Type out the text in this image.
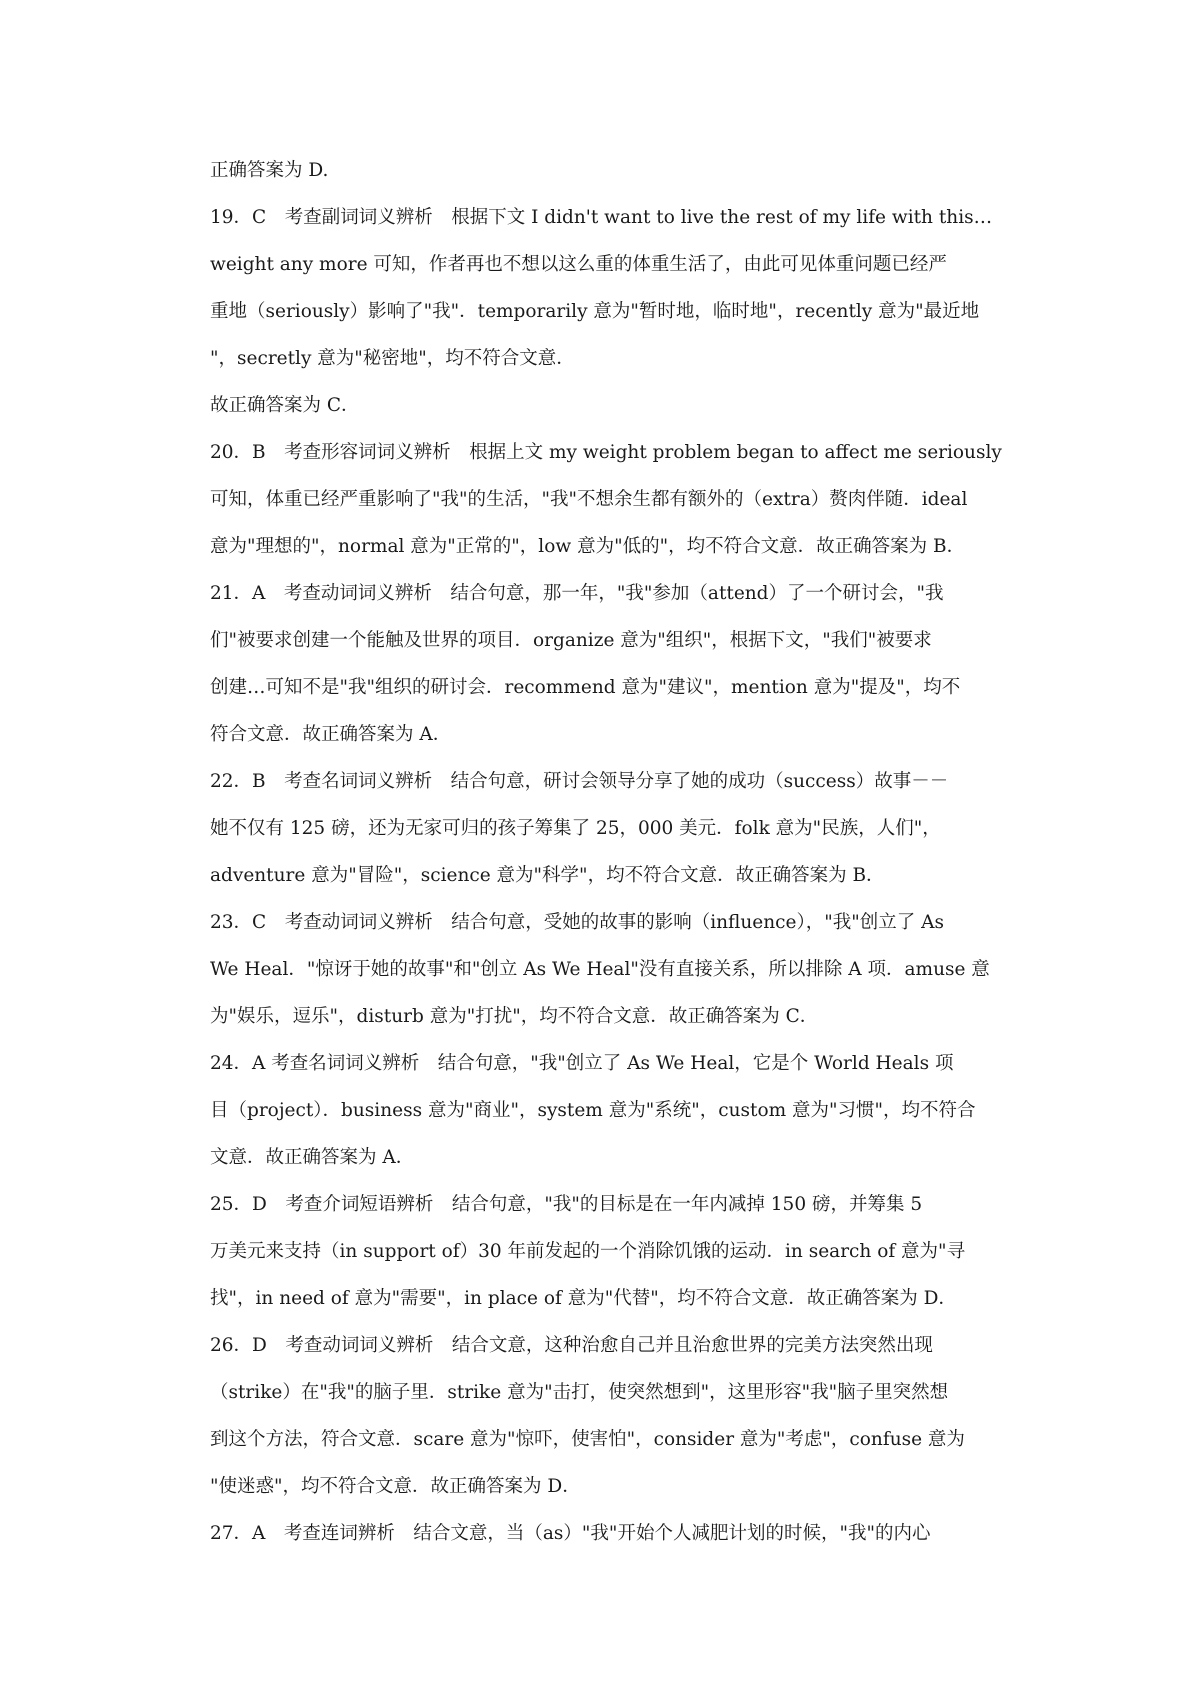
正确答案为 D.
19．C　考查副词词义辨析　根据下文 I didn't want to live the rest of my life with this…
weight any more 可知，作者再也不想以这么重的体重生活了，由此可见体重问题已经严
重地（seriously）影响了"我"．temporarily 意为"暂时地，临时地"，recently 意为"最近地
"，secretly 意为"秘密地"，均不符合文意．
故正确答案为 C．
20．B　考查形容词词义辨析　根据上文 my weight problem began to affect me seriously
可知，体重已经严重影响了"我"的生活，"我"不想余生都有额外的（extra）赘肉伴随．ideal
意为"理想的"，normal 意为"正常的"，low 意为"低的"，均不符合文意．故正确答案为 B．
21．A　考查动词词义辨析　结合句意，那一年，"我"参加（attend）了一个研讨会，"我
们"被要求创建一个能触及世界的项目．organize 意为"组织"，根据下文，"我们"被要求
创建…可知不是"我"组织的研讨会．recommend 意为"建议"，mention 意为"提及"，均不
符合文意．故正确答案为 A．
22．B　考查名词词义辨析　结合句意，研讨会领导分享了她的成功（success）故事－－
她不仅有 125 磅，还为无家可归的孩子筹集了 25，000 美元．folk 意为"民族，人们"，
adventure 意为"冒险"，science 意为"科学"，均不符合文意．故正确答案为 B．
23．C　考查动词词义辨析　结合句意，受她的故事的影响（influence），"我"创立了 As
We Heal．"惊讶于她的故事"和"创立 As We Heal"没有直接关系，所以排除 A 项．amuse 意
为"娱乐，逗乐"，disturb 意为"打扰"，均不符合文意．故正确答案为 C．
24．A 考查名词词义辨析　结合句意，"我"创立了 As We Heal，它是个 World Heals 项
目（project）．business 意为"商业"，system 意为"系统"，custom 意为"习惯"，均不符合
文意．故正确答案为 A．
25．D　考查介词短语辨析　结合句意，"我"的目标是在一年内减掉 150 磅，并筹集 5
万美元来支持（in support of）30 年前发起的一个消除饥饿的运动．in search of 意为"寻
找"，in need of 意为"需要"，in place of 意为"代替"，均不符合文意．故正确答案为 D．
26．D　考查动词词义辨析　结合文意，这种治愈自己并且治愈世界的完美方法突然出现
（strike）在"我"的脑子里．strike 意为"击打，使突然想到"，这里形容"我"脑子里突然想
到这个方法，符合文意．scare 意为"惊吓，使害怕"，consider 意为"考虑"，confuse 意为
"使迷惑"，均不符合文意．故正确答案为 D．
27．A　考查连词辨析　结合文意，当（as）"我"开始个人减肥计划的时候，"我"的内心
